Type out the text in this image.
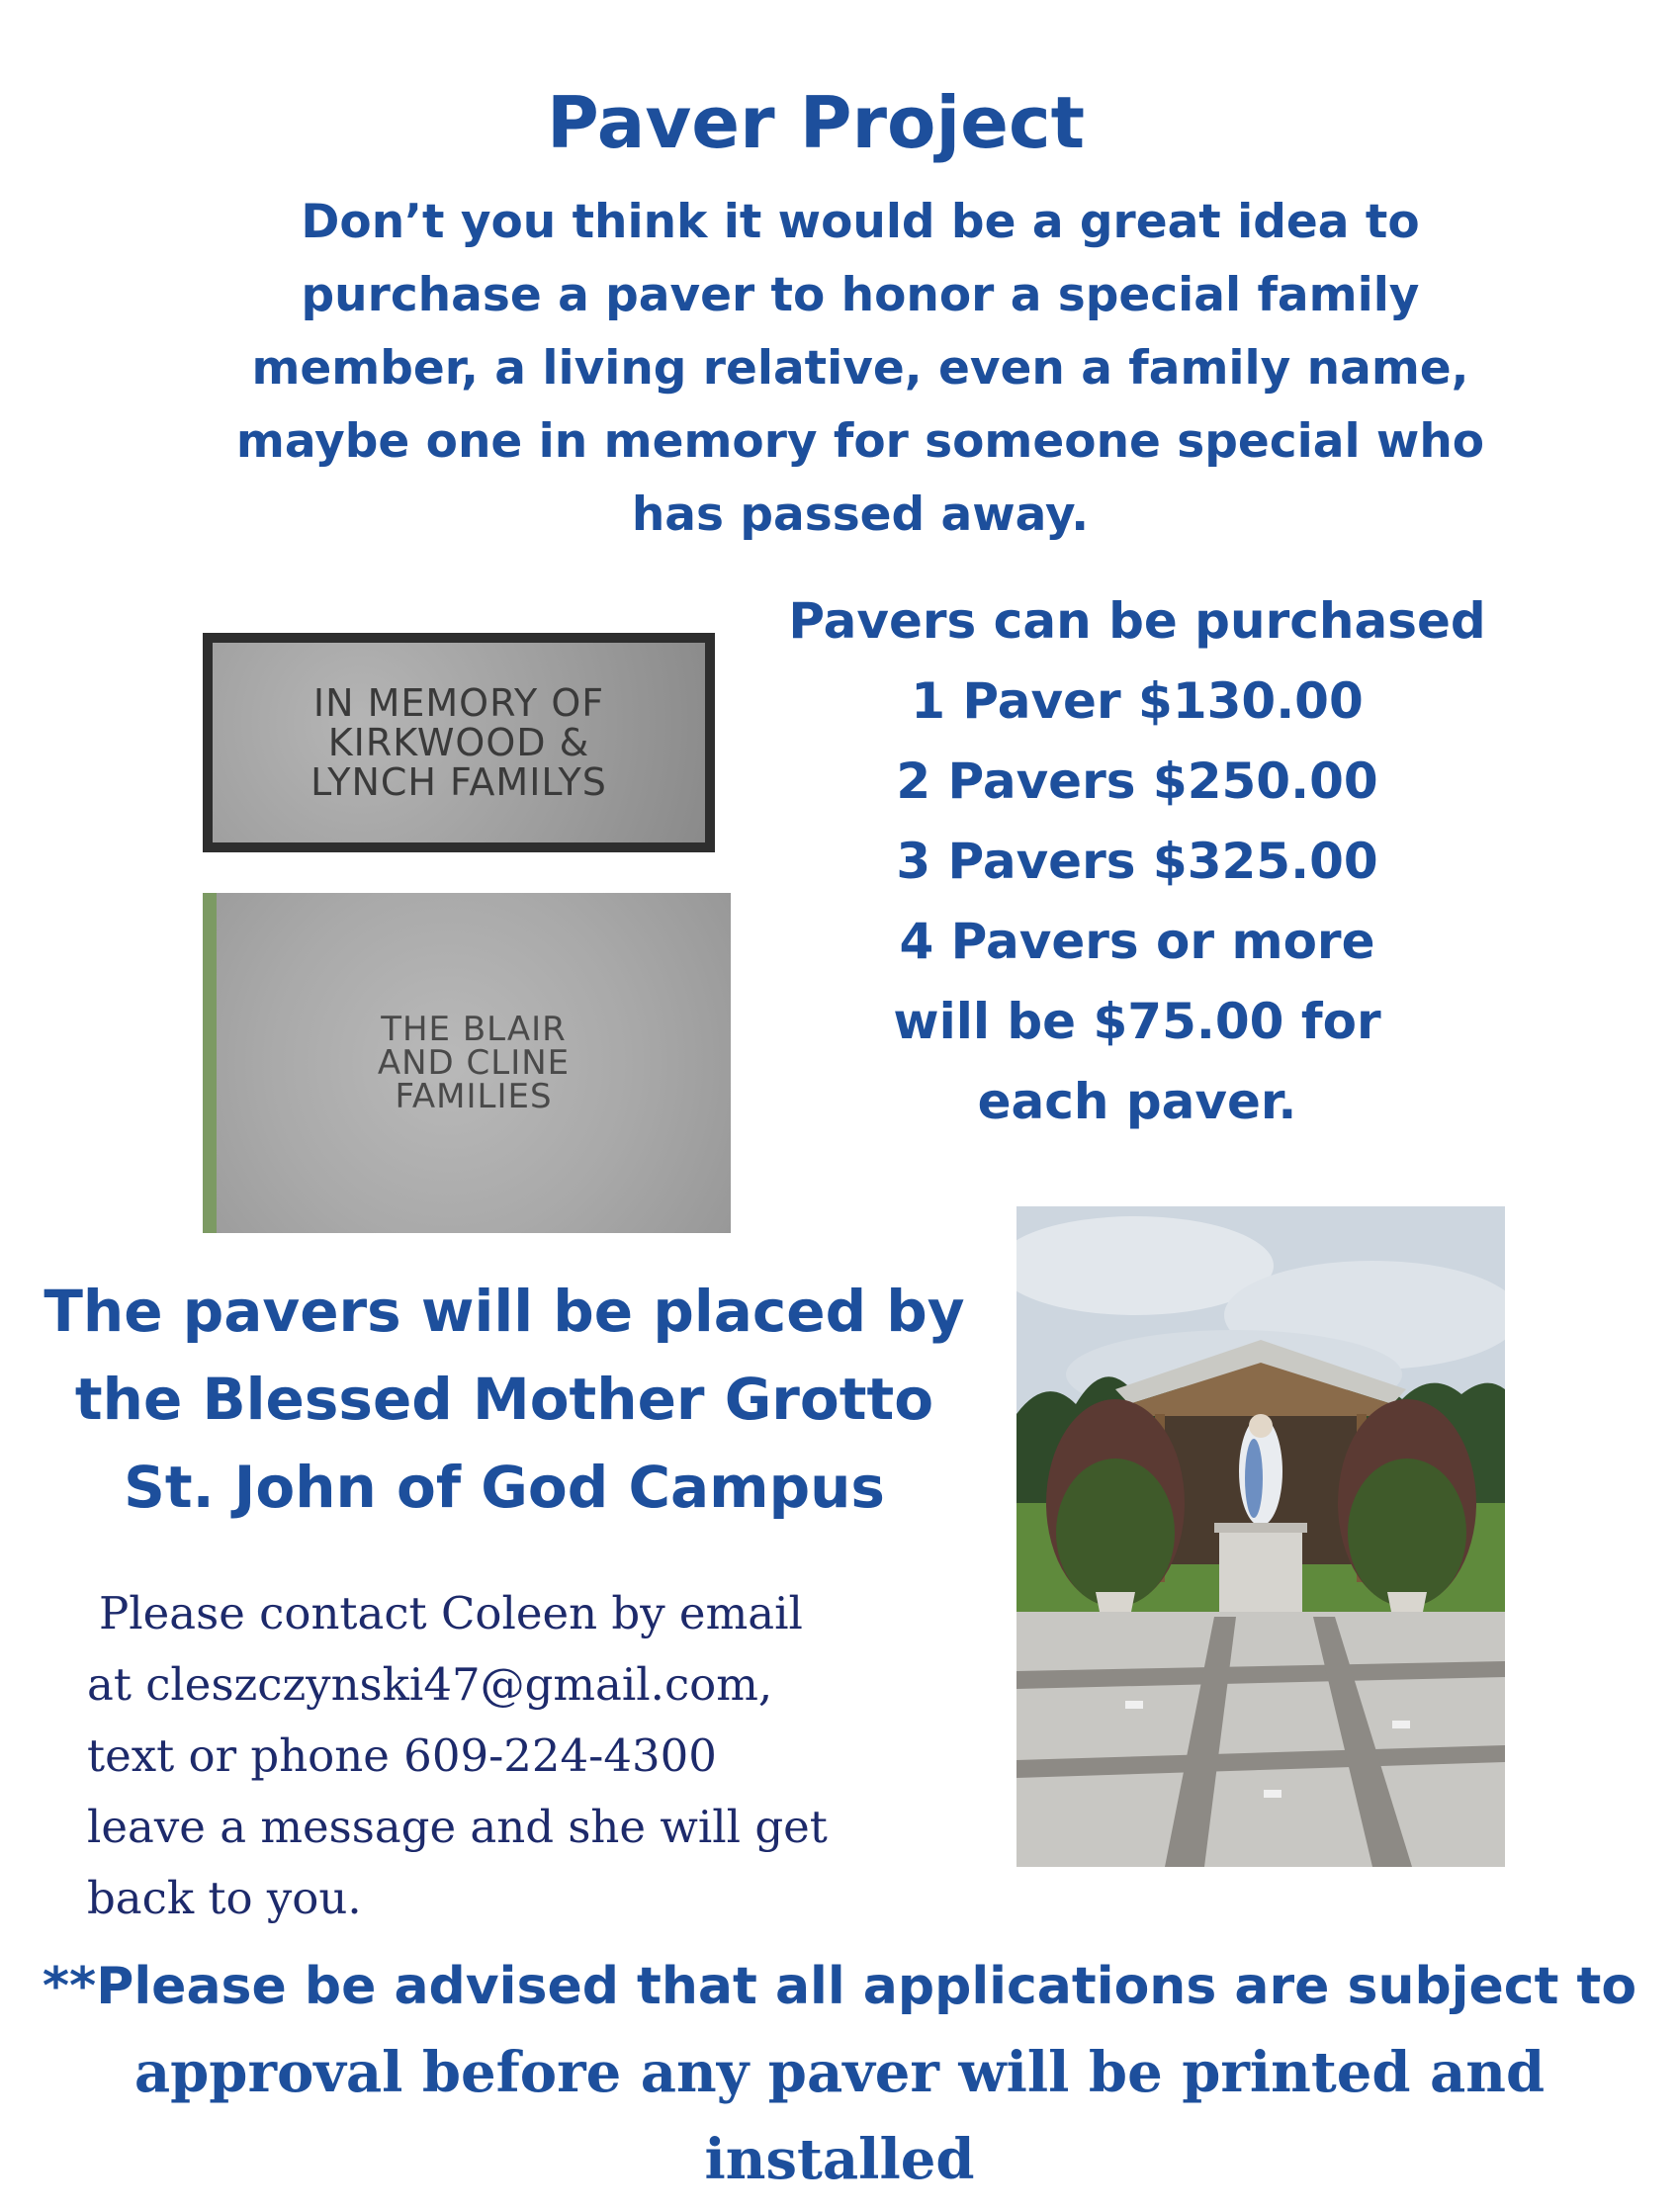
Paver Project
Don’t you think it would be a great idea to
purchase a paver to honor a special family
member, a living relative, even a family name,
maybe one in memory for someone special who
has passed away.
IN MEMORY OF
KIRKWOOD &
LYNCH FAMILYS
THE BLAIR
AND CLINE
FAMILIES
Pavers can be purchased
1 Paver $130.00
2 Pavers $250.00
3 Pavers $325.00
4 Pavers or more
will be $75.00 for
each paver.
The pavers will be placed by
the Blessed Mother Grotto
St. John of God Campus
Please contact Coleen by email
at cleszczynski47@gmail.com,
text or phone 609-224-4300
leave a message and she will get
back to you.
**Please be advised that all applications are subject to
approval before any paver will be printed and
installed
